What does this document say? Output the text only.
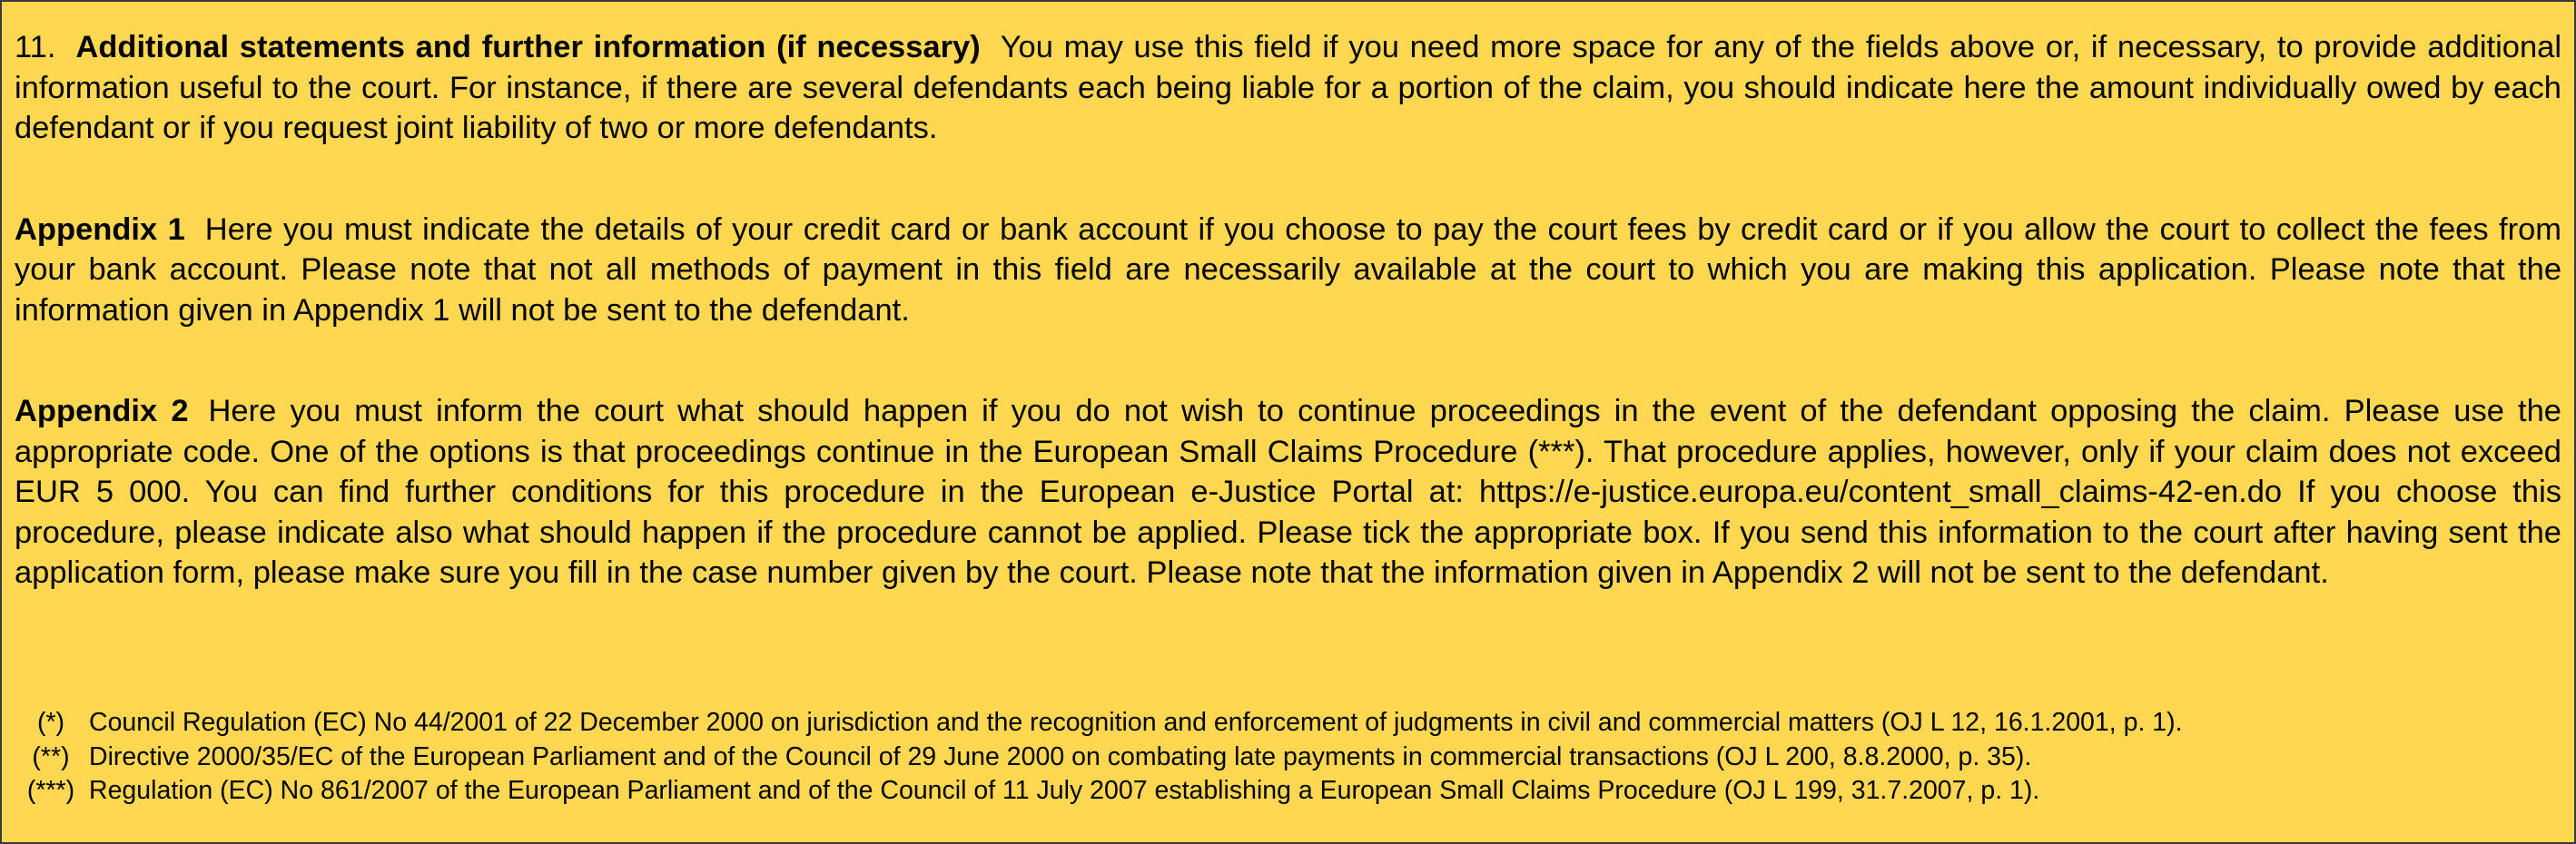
11. Additional statements and further information (if necessary) You may use this field if you need more space for any of the fields above or, if necessary, to provide additional information useful to the court. For instance, if there are several defendants each being liable for a portion of the claim, you should indicate here the amount individually owed by each defendant or if you request joint liability of two or more defendants.

Appendix 1 Here you must indicate the details of your credit card or bank account if you choose to pay the court fees by credit card or if you allow the court to collect the fees from your bank account. Please note that not all methods of payment in this field are necessarily available at the court to which you are making this application. Please note that the information given in Appendix 1 will not be sent to the defendant.

Appendix 2 Here you must inform the court what should happen if you do not wish to continue proceedings in the event of the defendant opposing the claim. Please use the appropriate code. One of the options is that proceedings continue in the European Small Claims Procedure (***). That procedure applies, however, only if your claim does not exceed EUR 5 000. You can find further conditions for this procedure in the European e-Justice Portal at: https://e-justice.europa.eu/content_small_claims-42-en.do If you choose this procedure, please indicate also what should happen if the procedure cannot be applied. Please tick the appropriate box. If you send this information to the court after having sent the application form, please make sure you fill in the case number given by the court. Please note that the information given in Appendix 2 will not be sent to the defendant.

(*) Council Regulation (EC) No 44/2001 of 22 December 2000 on jurisdiction and the recognition and enforcement of judgments in civil and commercial matters (OJ L 12, 16.1.2001, p. 1).
(**) Directive 2000/35/EC of the European Parliament and of the Council of 29 June 2000 on combating late payments in commercial transactions (OJ L 200, 8.8.2000, p. 35).
(***) Regulation (EC) No 861/2007 of the European Parliament and of the Council of 11 July 2007 establishing a European Small Claims Procedure (OJ L 199, 31.7.2007, p. 1).
